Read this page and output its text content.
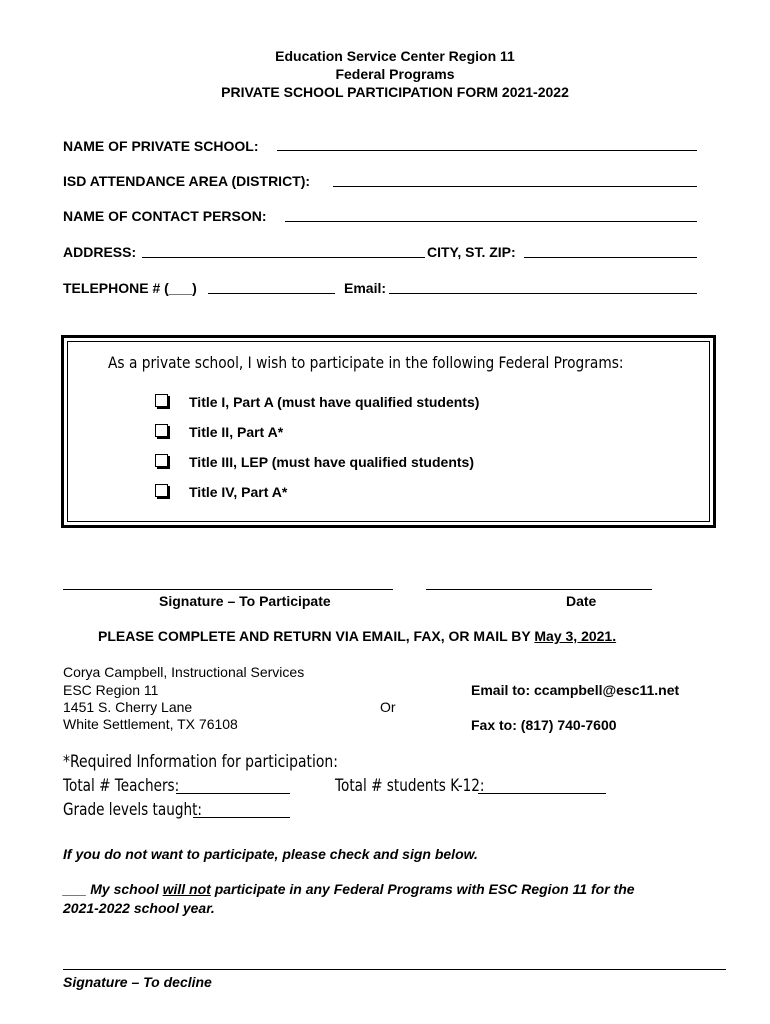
Education Service Center Region 11
Federal Programs
PRIVATE SCHOOL PARTICIPATION FORM 2021-2022
NAME OF PRIVATE SCHOOL:
ISD ATTENDANCE AREA (DISTRICT):
NAME OF CONTACT PERSON:
ADDRESS:	CITY, ST. ZIP:
TELEPHONE # (___)	Email:
As a private school, I wish to participate in the following Federal Programs:
Title I, Part A (must have qualified students)
Title II, Part A*
Title III, LEP (must have qualified students)
Title IV, Part A*
Signature – To Participate	Date
PLEASE COMPLETE AND RETURN VIA EMAIL, FAX, OR MAIL BY May 3, 2021.
Corya Campbell, Instructional Services
ESC Region 11
1451 S. Cherry Lane
White Settlement, TX 76108
Or
Email to: ccampbell@esc11.net
Fax to: (817) 740-7600
*Required Information for participation:
Total # Teachers:	Total # students K-12:
Grade levels taught:
If you do not want to participate, please check and sign below.
___ My school will not participate in any Federal Programs with ESC Region 11 for the
2021-2022 school year.
Signature – To decline
